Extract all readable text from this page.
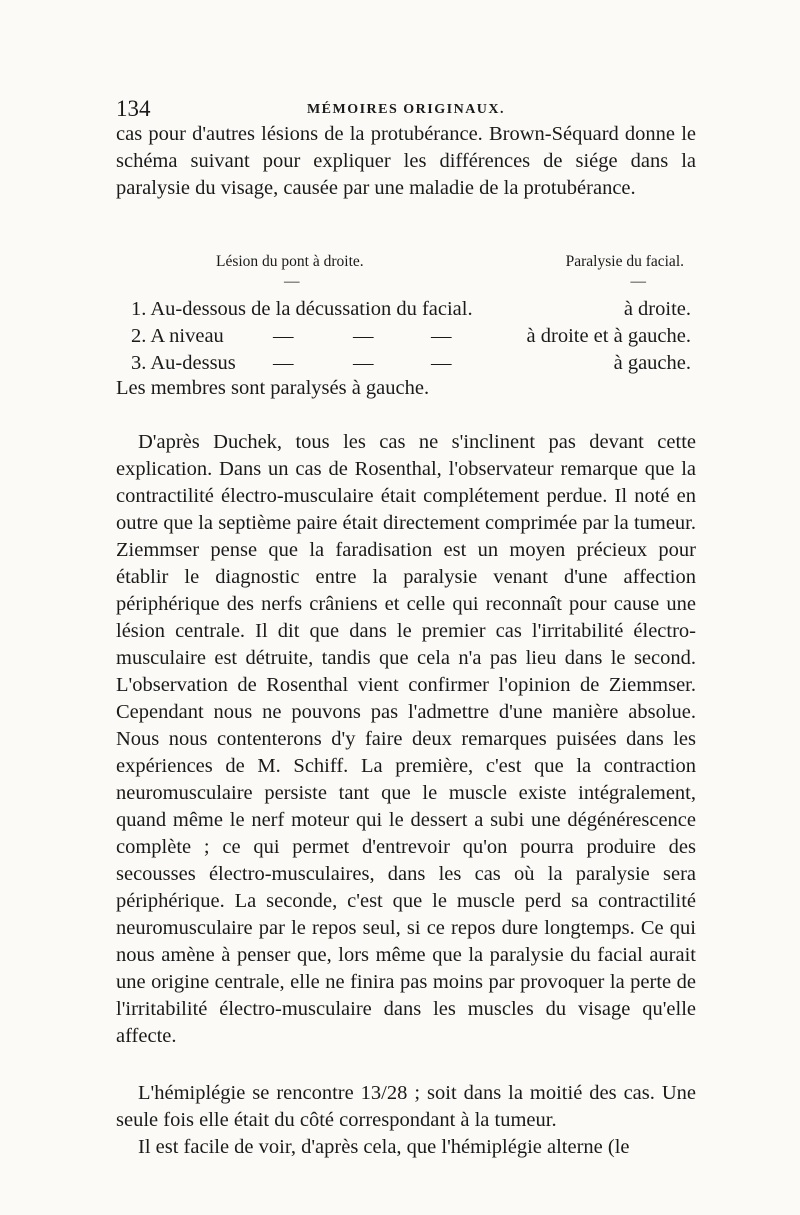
134	MÉMOIRES ORIGINAUX.

cas pour d'autres lésions de la protubérance. Brown-Séquard donne le schéma suivant pour expliquer les différences de siége dans la paralysie du visage, causée par une maladie de la protubérance.

Lésion du pont à droite.	Paralysie du facial.
—	—
1. Au-dessous de la décussation du facial.	à droite.
2. A niveau —	—	—	à droite et à gauche.
3. Au-dessus —	—	—	à gauche.
Les membres sont paralysés à gauche.

D'après Duchek, tous les cas ne s'inclinent pas devant cette explication. Dans un cas de Rosenthal, l'observateur remarque que la contractilité électro-musculaire était complétement perdue. Il noté en outre que la septième paire était directement comprimée par la tumeur. Ziemmser pense que la faradisation est un moyen précieux pour établir le diagnostic entre la paralysie venant d'une affection périphérique des nerfs crâniens et celle qui reconnaît pour cause une lésion centrale. Il dit que dans le premier cas l'irritabilité électro-musculaire est détruite, tandis que cela n'a pas lieu dans le second. L'observation de Rosenthal vient confirmer l'opinion de Ziemmser. Cependant nous ne pouvons pas l'admettre d'une manière absolue. Nous nous contenterons d'y faire deux remarques puisées dans les expériences de M. Schiff. La première, c'est que la contraction neuromusculaire persiste tant que le muscle existe intégralement, quand même le nerf moteur qui le dessert a subi une dégénérescence complète ; ce qui permet d'entrevoir qu'on pourra produire des secousses électro-musculaires, dans les cas où la paralysie sera périphérique. La seconde, c'est que le muscle perd sa contractilité neuromusculaire par le repos seul, si ce repos dure longtemps. Ce qui nous amène à penser que, lors même que la paralysie du facial aurait une origine centrale, elle ne finira pas moins par provoquer la perte de l'irritabilité électro-musculaire dans les muscles du visage qu'elle affecte.

L'hémiplégie se rencontre 13/28 ; soit dans la moitié des cas. Une seule fois elle était du côté correspondant à la tumeur.

Il est facile de voir, d'après cela, que l'hémiplégie alterne (le
